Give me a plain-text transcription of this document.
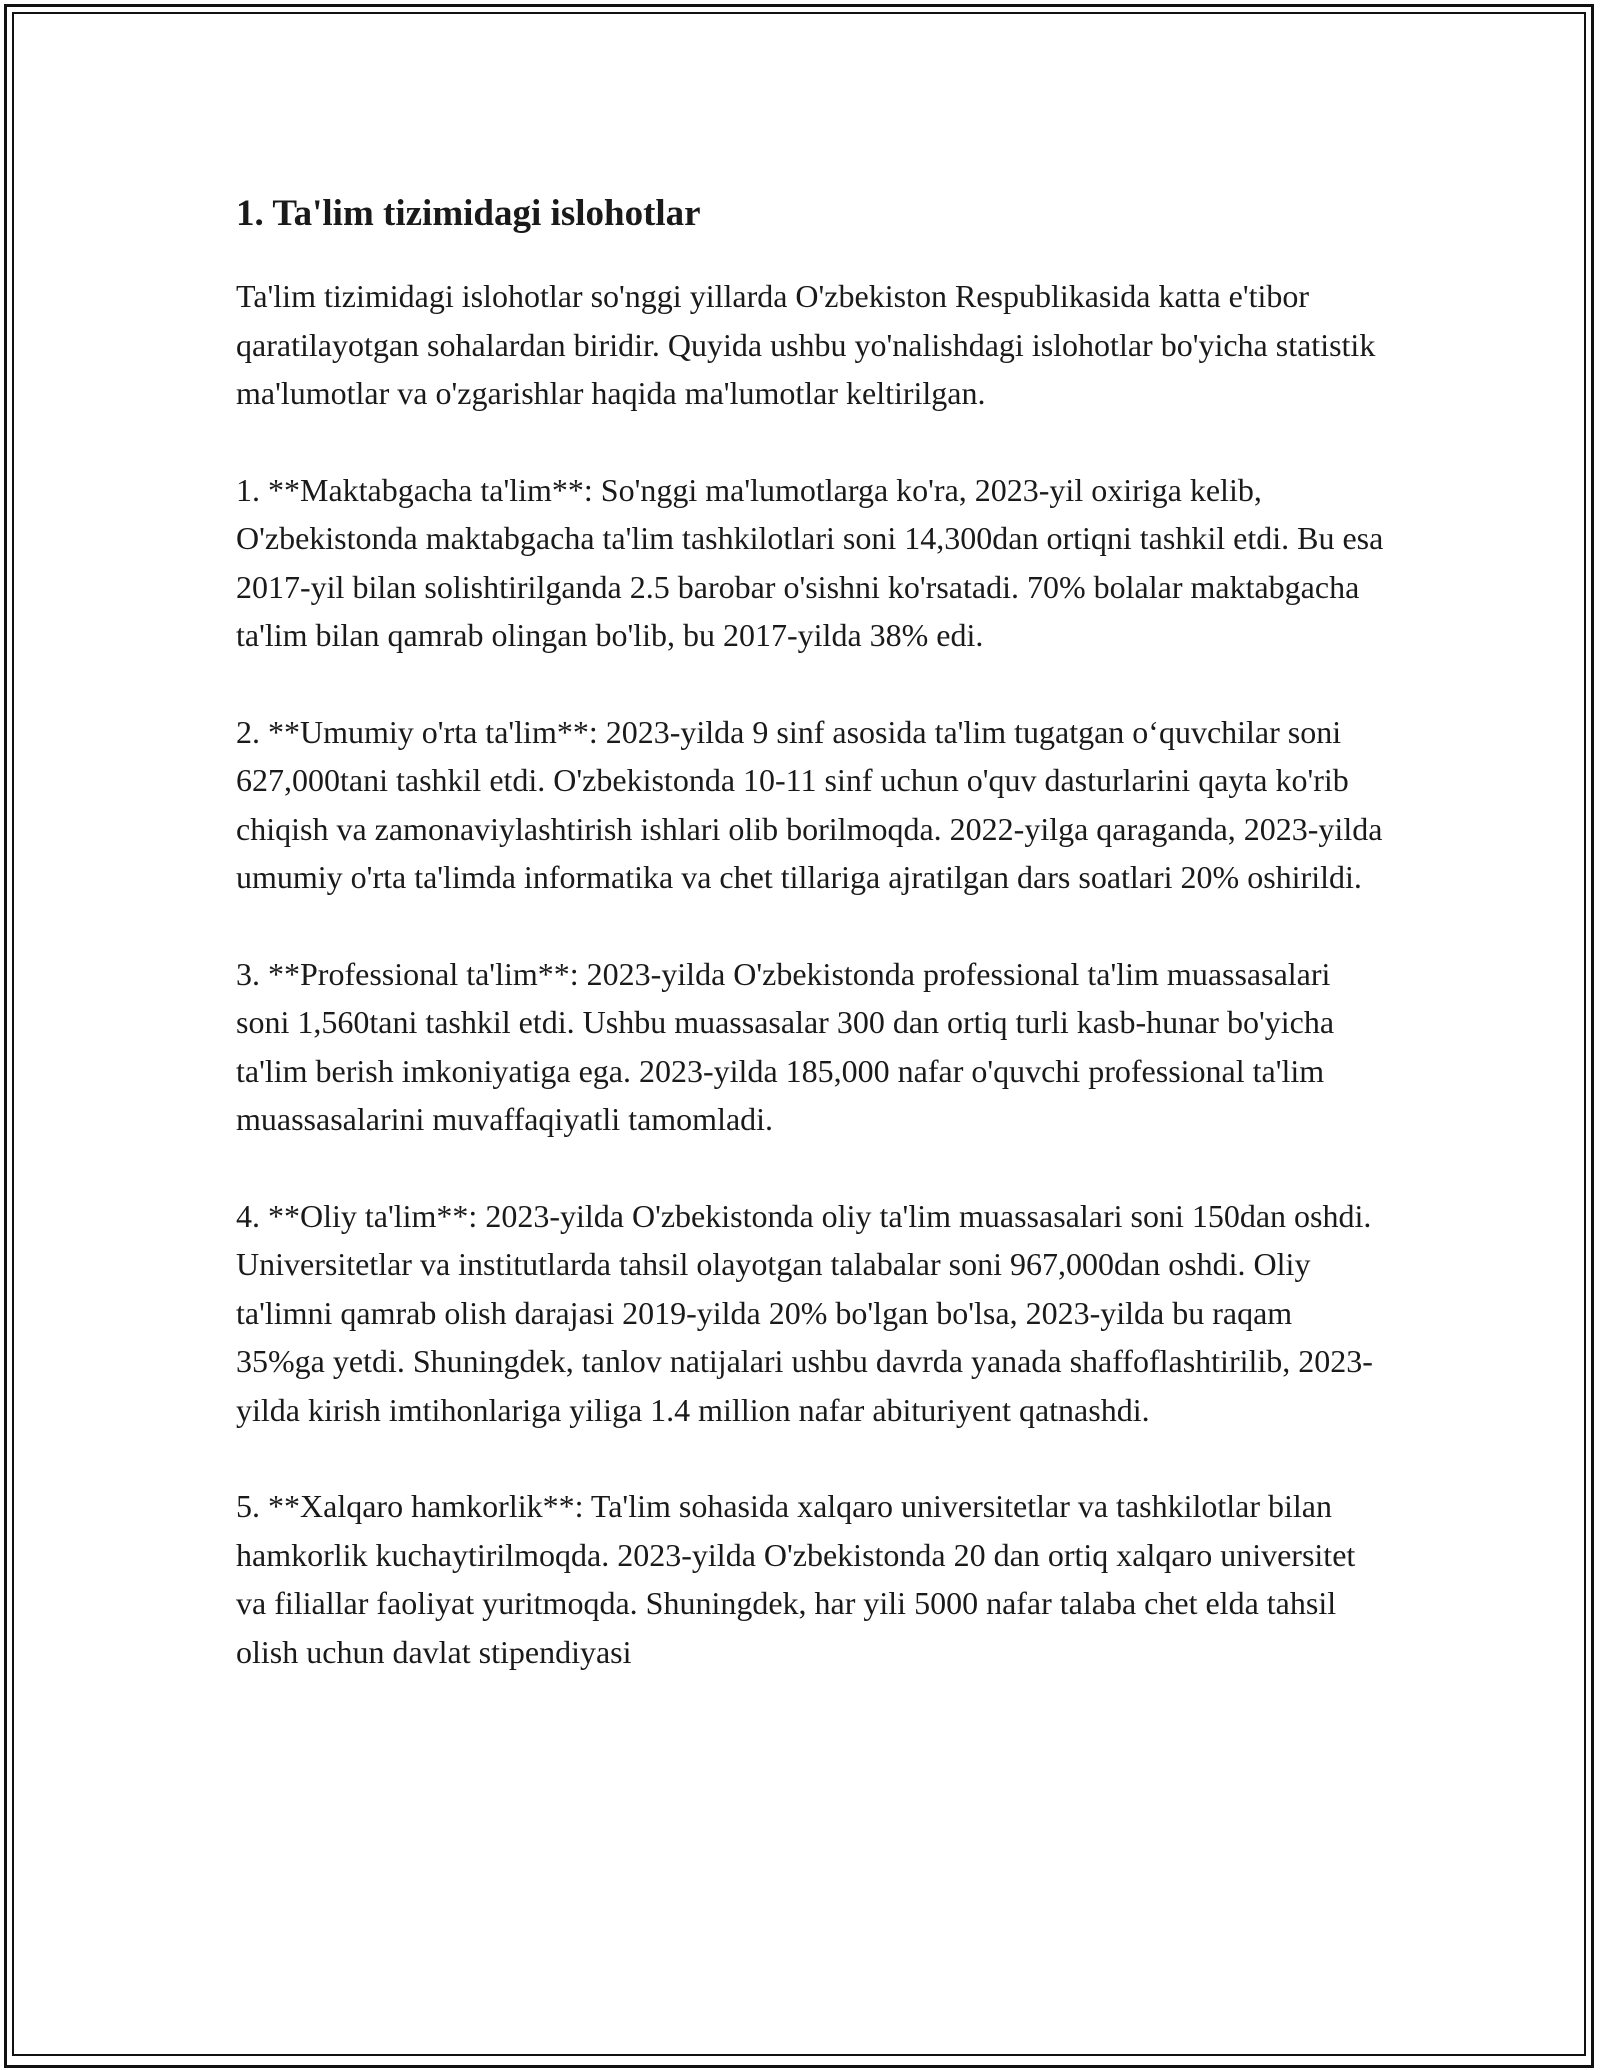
1. Ta'lim tizimidagi islohotlar

Ta'lim tizimidagi islohotlar so'nggi yillarda O'zbekiston Respublikasida katta e'tibor qaratilayotgan sohalardan biridir. Quyida ushbu yo'nalishdagi islohotlar bo'yicha statistik ma'lumotlar va o'zgarishlar haqida ma'lumotlar keltirilgan.

1. **Maktabgacha ta'lim**: So'nggi ma'lumotlarga ko'ra, 2023-yil oxiriga kelib, O'zbekistonda maktabgacha ta'lim tashkilotlari soni 14,300dan ortiqni tashkil etdi. Bu esa 2017-yil bilan solishtirilganda 2.5 barobar o'sishni ko'rsatadi. 70% bolalar maktabgacha ta'lim bilan qamrab olingan bo'lib, bu 2017-yilda 38% edi.

2. **Umumiy o'rta ta'lim**: 2023-yilda 9 sinf asosida ta'lim tugatgan o‘quvchilar soni 627,000tani tashkil etdi. O'zbekistonda 10-11 sinf uchun o'quv dasturlarini qayta ko'rib chiqish va zamonaviylashtirish ishlari olib borilmoqda. 2022-yilga qaraganda, 2023-yilda umumiy o'rta ta'limda informatika va chet tillariga ajratilgan dars soatlari 20% oshirildi.

3. **Professional ta'lim**: 2023-yilda O'zbekistonda professional ta'lim muassasalari soni 1,560tani tashkil etdi. Ushbu muassasalar 300 dan ortiq turli kasb-hunar bo'yicha ta'lim berish imkoniyatiga ega. 2023-yilda 185,000 nafar o'quvchi professional ta'lim muassasalarini muvaffaqiyatli tamomladi.

4. **Oliy ta'lim**: 2023-yilda O'zbekistonda oliy ta'lim muassasalari soni 150dan oshdi. Universitetlar va institutlarda tahsil olayotgan talabalar soni 967,000dan oshdi. Oliy ta'limni qamrab olish darajasi 2019-yilda 20% bo'lgan bo'lsa, 2023-yilda bu raqam 35%ga yetdi. Shuningdek, tanlov natijalari ushbu davrda yanada shaffoflashtirilib, 2023-yilda kirish imtihonlariga yiliga 1.4 million nafar abituriyent qatnashdi.

5. **Xalqaro hamkorlik**: Ta'lim sohasida xalqaro universitetlar va tashkilotlar bilan hamkorlik kuchaytirilmoqda. 2023-yilda O'zbekistonda 20 dan ortiq xalqaro universitet va filiallar faoliyat yuritmoqda. Shuningdek, har yili 5000 nafar talaba chet elda tahsil olish uchun davlat stipendiyasi
